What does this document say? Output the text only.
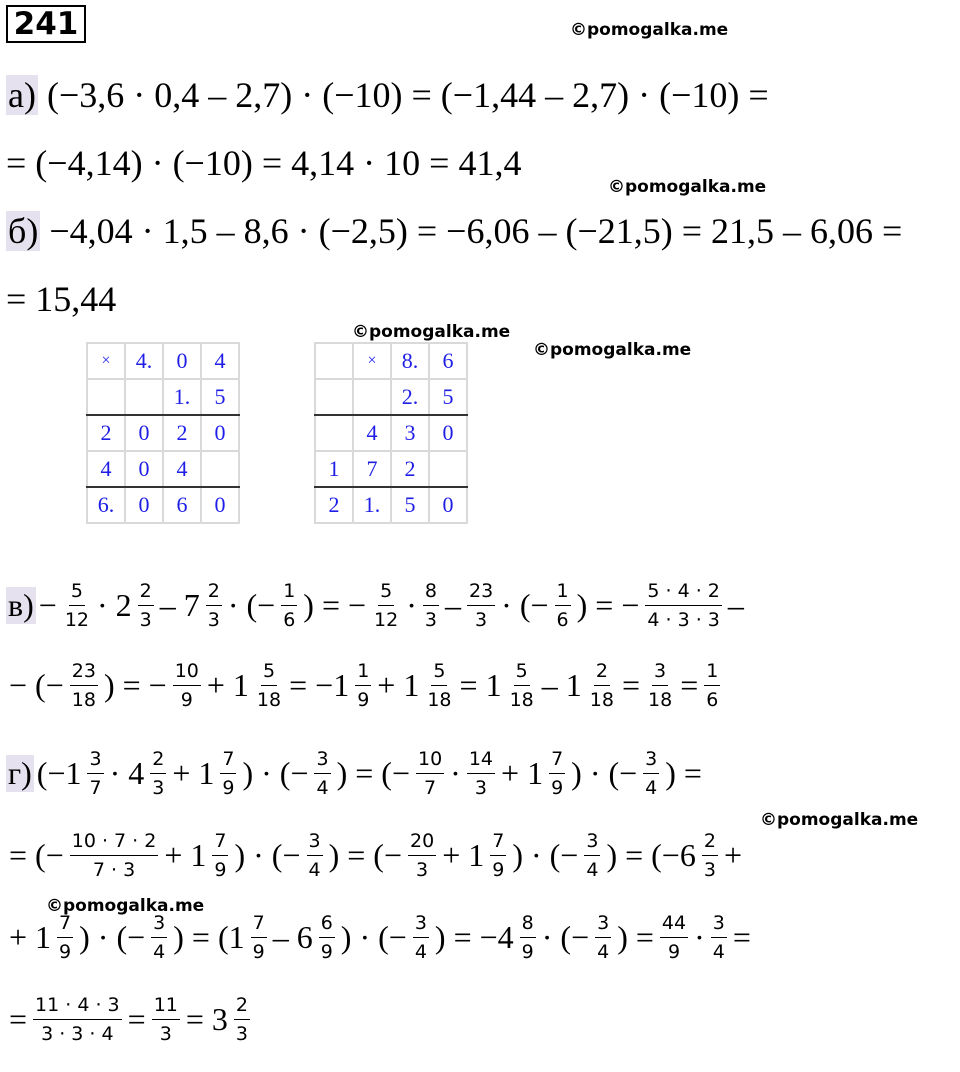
241	©pomogalka.me
а) (−3,6 · 0,4 – 2,7) · (−10) = (−1,44 – 2,7) · (−10) =
= (−4,14) · (−10) = 4,14 · 10 = 41,4
©pomogalka.me
б) −4,04 · 1,5 – 8,6 · (−2,5) = −6,06 – (−21,5) = 21,5 – 6,06 =
= 15,44
©pomogalka.me
©pomogalka.me
×	4.	0	4
		1.	5
2	0	2	0
4	0	4	
6.	0	6	0
	×	8.	6
		2.	5
	4	3	0
1	7	2	
2	1.	5	0
$в) - \frac{5}{12} \cdot 2 \frac{2}{3} - 7 \frac{2}{3}$ · (− $\frac{1}{6}$ ) = − $\frac{5}{12} \cdot \frac{8}{3} - \frac{23}{3}$ · (− $\frac{1}{6}$ ) = − $\frac{5 \cdot 4 \cdot 2}{4 \cdot 3 \cdot 3}$ –
− (− $\frac{23}{18}$ ) = − $\frac{10}{9} + 1 \frac{5}{18} = -1 \frac{1}{9} + 1 \frac{5}{18} = 1 \frac{5}{18} - 1 \frac{2}{18} = \frac{3}{18} = \frac{1}{6}$
г) ($-1 \frac{3}{7} \cdot 4 \frac{2}{3} + 1 \frac{7}{9}$ ) · (− $\frac{3}{4}$ ) = (− $\frac{10}{7} \cdot \frac{14}{3} + 1 \frac{7}{9}$ ) · (− $\frac{3}{4}$ ) =
= (− $\frac{10 \cdot 7 \cdot 2}{7 \cdot 3} + 1 \frac{7}{9}$ ) · (− $\frac{3}{4}$ ) = (− $\frac{20}{3} + 1 \frac{7}{9}$ ) · (− $\frac{3}{4}$ ) = ($-6 \frac{2}{3}$ +
+ $1 \frac{7}{9}$ ) · (− $\frac{3}{4}$ ) = ($1 \frac{7}{9} - 6 \frac{6}{9}$ ) · (− $\frac{3}{4}$ ) = $-4 \frac{8}{9}$ · (− $\frac{3}{4}$ ) = $\frac{44}{9} \cdot \frac{3}{4}$ =
= $\frac{11 \cdot 4 \cdot 3}{3 \cdot 3 \cdot 4} = \frac{11}{3} = 3 \frac{2}{3}$
©pomogalka.me
©pomogalka.me
